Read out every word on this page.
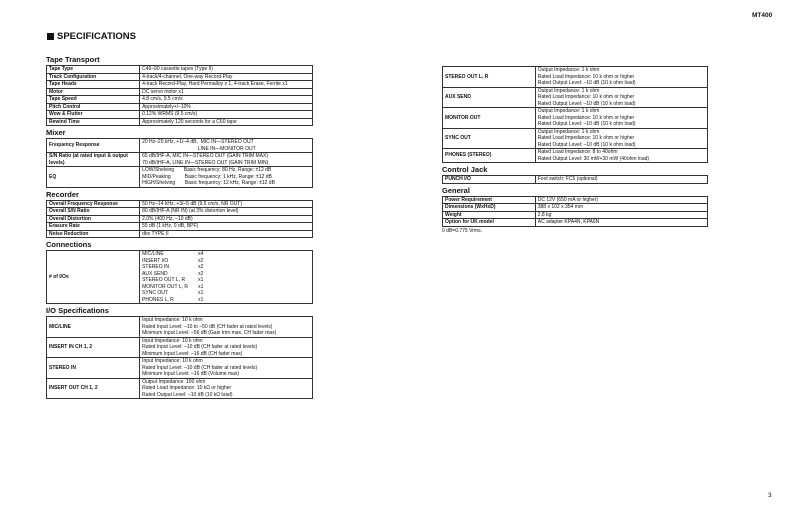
MT400
SPECIFICATIONS
Tape Transport
Tape Type	C46–90 cassette tapes (Type II)

Track Configuration	4-track/4-channel, One-way Record-Play

Tape Heads	4-track Record-Play, Hard Permalloy x 1, 4-track Erase, Ferrite x1

Motor	DC servo motor x1

Tape Speed	4.8 cm/s, 9.5 cm/s

Pitch Control	Approximately+/–10%

Wow & Flutter	0.12% WRMS (9.5 cm/s)

Rewind Time	Approximately 120 seconds for a C60 tape
Mixer
Frequency Response	20 Hz–20 kHz, +1/–4 dB,  MIC IN—STEREO OUT
LINE IN—MONITOR OUT

S/N Ratio (at rated input & output levels)	65 dB/IHF-A, MIC IN—STEREO OUT (GAIN TRIM MAX)
70 dB/IHF-A, LINE IN—STEREO OUT (GAIN TRIM MIN)

EQ	LOW/Shelving       Basic frequency: 80 Hz, Range: ±12 dB
MID/Peaking          Basic frequency: 1 kHz, Range: ±12 dB
HIGH/Shelving       Basic frequency: 12 kHz, Range: ±12 dB
Recorder
Overall Frequency Response	50 Hz–14 kHz, +3/–5 dB (9.5 cm/s, NR OUT)

Overall S/N Ratio	80 dB/IHF-A (NR IN) (at 3% distortion level)

Overall Distortion	2.0% (400 Hz, –10 dB)

Erasure Rate	55 dB (1 kHz, 0 dB, BPF)

Noise Reduction	dbx TYPE II
Connections
# of I/Os	
MIC/LINE	x4
INSERT I/O	x2
STEREO IN	x2
AUX SEND	x2
STEREO OUT L, R	x1
MONITOR OUT L, R	x1
SYNC OUT	x1
PHONES L, R	x1
I/O Specifications
MIC/LINE	Input Impedance: 10 k ohm
Rated Input Level: –10 to –50 dB (CH fader at rated levels)
Minimum Input Level: –56 dB (Gain trim max. CH fader max)

INSERT IN CH 1, 2	Input Impedance: 10 k ohm
Rated Input Level: –10 dB (CH fader at rated levels)
Minimum Input Level: –16 dB (CH fader max)

STEREO IN	Input Impedance: 10 k ohm
Rated Input Level: –10 dB (CH fader at rated levels)
Minimum Input Level: –16 dB (Volume max)

INSERT OUT CH 1, 2	Output Impedance: 100 ohm
Rated Load Impedance: 10 kΩ or higher
Rated Output Level: –10 dB (10 kΩ load)
STEREO OUT L, R	Output Impedance: 1 k ohm
Rated Load Impedance: 10 k ohm or higher
Rated Output Level: –10 dB (10 k ohm load)

AUX SEND	Output Impedance: 1 k ohm
Rated Load Impedance: 10 k ohm or higher
Rated Output Level: –10 dB (10 k ohm load)

MONITOR OUT	Output Impedance: 1 k ohm
Rated Load Impedance: 10 k ohm or higher
Rated Output Level: –10 dB (10 k ohm load)

SYNC OUT	Output Impedance: 1 k ohm
Rated Load Impedance: 10 k ohm or higher
Rated Output Level: –10 dB (10 k ohm load)

PHONES (STEREO)	Rated Load Impedance: 8 to 40ohm
Rated Output Level: 30 mW+30 mW (40ohm load)
Control Jack
PUNCH I/O	Foot switch: FC5 (optional)
General
Power Requirement	DC 12V (650 mA or higher)

Dimensions (WxHxD)	388 x 102 x 354 mm

Weight	2.8 kg

Option for UK model	AC adapter KPA4N, KPA6N
0 dB=0.775 Vrms.
3
